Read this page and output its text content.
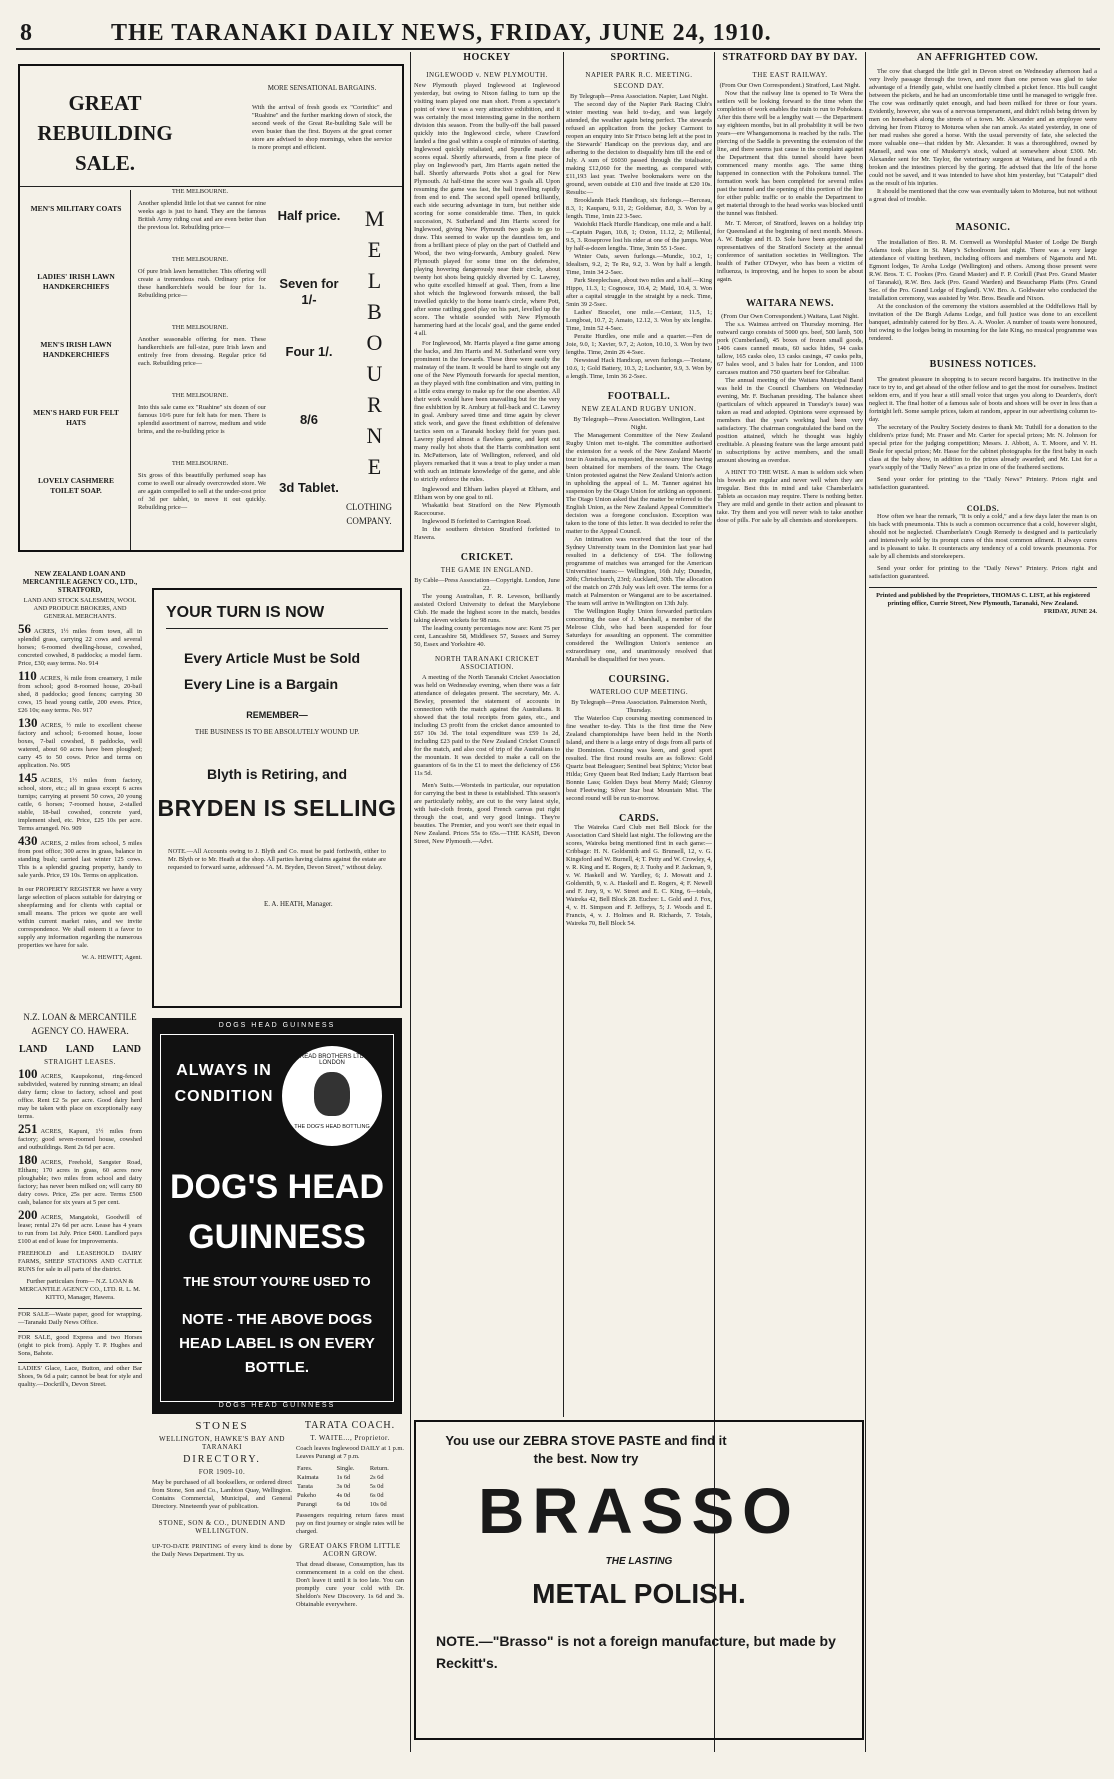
8	THE TARANAKI DAILY NEWS, FRIDAY, JUNE 24, 1910.
HOCKEY	SPORTING.	STRATFORD DAY BY DAY.	AN AFFRIGHTED COW.
GREAT REBUILDING SALE.
MORE SENSATIONAL BARGAINS.
With the arrival of fresh goods ex "Corinthic" and "Ruahine" and the further marking down of stock, the second week of the Great Re-building Sale will be even busier than the first. Buyers at the great corner store are advised to shop mornings, when the service is more prompt and efficient.
MELBOURNE
CLOTHING COMPANY.
MEN'S MILITARY COATS
THE MELBOURNE.
Another splendid little lot that we cannot for nine weeks ago is just to hand. They are the famous British Army riding coat and are even better than the previous lot. Rebuilding price—
Half price.
LADIES' IRISH LAWN HANDKERCHIEFS
THE MELBOURNE.
Of pure Irish lawn hemstitcher. This offering will create a tremendous rush. Ordinary price for these handkerchiefs would be four for 1s. Rebuilding price—
Seven for 1/-
MEN'S IRISH LAWN HANDKERCHIEFS
THE MELBOURNE.
Another seasonable offering for men. These handkerchiefs are full-size, pure Irish lawn and entirely free from dressing. Regular price 6d each. Rebuilding price—
Four 1/.
MEN'S HARD FUR FELT HATS
THE MELBOURNE.
Into this sale came ex "Ruahine" six dozen of our famous 10/6 pure fur felt hats for men. There is splendid assortment of narrow, medium and wide brims, and the re-building price is
8/6
LOVELY CASHMERE TOILET SOAP.
THE MELBOURNE.
Six gross of this beautifully perfumed soap has come to swell our already overcrowded store. We are again compelled to sell at the under-cost price of 3d per tablet, to move it out quickly. Rebuilding price—
3d Tablet.
NEW ZEALAND LOAN AND MERCANTILE AGENCY CO., LTD., STRATFORD,
LAND AND STOCK SALESMEN, WOOL AND PRODUCE BROKERS, AND GENERAL MERCHANTS.
56 ACRES, 1½ miles from town, all in splendid grass, carrying 22 cows and several horses; 6-roomed dwelling-house, cowshed, concreted cowshed, 8 paddocks; a model farm. Price, £30; easy terms. No. 914
110 ACRES, ¾ mile from creamery, 1 mile from school; good 8-roomed house, 20-bail shed, 8 paddocks; good fences; carrying 30 cows, 15 head young cattle, 200 ewes. Price, £26 10s; easy terms. No. 917
130 ACRES, ½ mile to excellent cheese factory and school; 6-roomed house, loose boxes, 7-bail cowshed, 8 paddocks, well watered, about 60 acres have been ploughed; carry 45 to 50 cows. Price and terms on application. No. 905
145 ACRES, 1½ miles from factory, school, store, etc.; all in grass except 6 acres turnips; carrying at present 50 cows, 20 young cattle, 6 horses; 7-roomed house, 2-stalled stable, 18-bail cowshed, concrete yard, implement shed, etc. Price, £25 10s per acre. Terms arranged. No. 909
430 ACRES, 2 miles from school, 5 miles from post office; 300 acres in grass, balance in standing bush; carried last winter 125 cows. This is a splendid grazing property, handy to sale yards. Price, £9 10s. Terms on application.
In our PROPERTY REGISTER we have a very large selection of places suitable for dairying or sheepfarming and for clients with capital or small means. The prices we quote are well within current market rates, and we invite correspondence. We shall esteem it a favor to supply any information regarding the numerous properties we have for sale.
W. A. HEWITT, Agent.
N.Z. LOAN & MERCANTILE AGENCY CO. HAWERA.
LAND LAND LAND
STRAIGHT LEASES.
100 ACRES, Kaupokonui, ring-fenced subdivided, watered by running stream; an ideal dairy farm; close to factory, school and post office. Rent £2 5s per acre. Good dairy herd may be taken with place on exceptionally easy terms.
251 ACRES, Kapuni, 1½ miles from factory; good seven-roomed house, cowshed and outbuildings. Rent 2s 6d per acre.
180 ACRES, Freehold, Sangster Road, Eltham; 170 acres in grass, 60 acres now ploughable; two miles from school and dairy factory; has never been milked on; will carry 80 dairy cows. Price, 25s per acre. Terms £500 cash, balance for six years at 5 per cent.
200 ACRES, Mangatoki, Goodwill of lease; rental 27s 6d per acre. Lease has 4 years to run from 1st July. Price £400. Landlord pays £100 at end of lease for improvements.
FREEHOLD and LEASEHOLD DAIRY FARMS, SHEEP STATIONS AND CATTLE RUNS for sale in all parts of the district.
Further particulars from— N.Z. LOAN & MERCANTILE AGENCY CO., LTD. R. L. M. KITTO, Manager, Hawera.
FOR SALE—Waste paper, good for wrapping.—Taranaki Daily News Office.
FOR SALE, good Express and two Horses (eight to pick from). Apply T. P. Hughes and Sons, Bahote.
LADIES' Glace, Lace, Button, and other Bar Shoes, 9s 6d a pair; cannot be beat for style and quality.—Dockrill's, Devon Street.
YOUR TURN IS NOW
Every Article Must be Sold
Every Line is a Bargain
REMEMBER—
THE BUSINESS IS TO BE ABSOLUTELY WOUND UP.
Blyth is Retiring, and
BRYDEN IS SELLING
NOTE.—All Accounts owing to J. Blyth and Co. must be paid forthwith, either to Mr. Blyth or to Mr. Heath at the shop. All parties having claims against the estate are requested to forward same, addressed "A. M. Bryden, Devon Street," without delay.
E. A. HEATH, Manager.
DOGS HEAD GUINNESS
ALWAYS IN CONDITION
READ BROTHERS LTD LONDON
THE DOG'S HEAD BOTTLING
DOG'S HEAD
GUINNESS
THE STOUT YOU'RE USED TO
NOTE - THE ABOVE DOGS HEAD LABEL IS ON EVERY BOTTLE.
DOGS HEAD GUINNESS
STONES
WELLINGTON, HAWKE'S BAY AND TARANAKI
DIRECTORY.
FOR 1909-10.
May be purchased of all booksellers, or ordered direct from Stone, Son and Co., Lambton Quay, Wellington. Contains Commercial, Municipal, and General Directory. Nineteenth year of publication.
STONE, SON & CO., DUNEDIN AND WELLINGTON.
UP-TO-DATE PRINTING of every kind is done by the Daily News Department. Try us.
TARATA COACH.
T. WAITE..., Proprietor.
Coach leaves Inglewood DAILY at 1 p.m. Leaves Purangi at 7 p.m.
Fares.	Single.	Return.
Kaimata	1s 6d	2s 6d
Tarata	3s 0d	5s 0d
Pukeho	4s 0d	6s 0d
Purangi	6s 0d	10s 0d
Passengers requiring return fares must pay on first journey or single rates will be charged.
GREAT OAKS FROM LITTLE ACORN GROW.
That dread disease, Consumption, has its commencement in a cold on the chest. Don't leave it until it is too late. You can promptly cure your cold with Dr. Sheldon's New Discovery. 1s 6d and 3s. Obtainable everywhere.
INGLEWOOD v. NEW PLYMOUTH.
New Plymouth played Inglewood at Inglewood yesterday, but owing to Nixon failing to turn up the visiting team played one man short. From a spectator's point of view it was a very attractive exhibition, and it was certainly the most interesting game in the northern division this season. From the bully-off the ball passed quickly into the Inglewood circle, where Crawford landed a fine goal within a couple of minutes of starting. Inglewood quickly retaliated, and Spurdle made the scores equal. Shortly afterwards, from a fine piece of play on Inglewood's part, Jim Harris again netted the ball. Shortly afterwards Potts shot a goal for New Plymouth. At half-time the score was 3 goals all. Upon resuming the game was fast, the ball travelling rapidly from end to end. The second spell opened brilliantly, each side securing advantage in turn, but neither side scoring for some considerable time. Then, in quick succession, N. Sutherland and Jim Harris scored for Inglewood, giving New Plymouth two goals to go to draw. This seemed to wake up the dauntless ten, and from a brilliant piece of play on the part of Oatfield and Wood, the two wing-forwards, Ambury goaled. New Plymouth played for some time on the defensive, playing hovering dangerously near their circle, about twenty hot shots being quickly diverted by C. Lawrey, who quite excelled himself at goal. Then, from a line shot which the Inglewood forwards missed, the ball travelled quickly to the home team's circle, where Pott, after some rattling good play on his part, levelled up the score. The whistle sounded with New Plymouth hammering hard at the locals' goal, and the game ended 4 all.
For Inglewood, Mr. Harris played a fine game among the backs, and Jim Harris and M. Sutherland were very prominent in the forwards. These three were easily the mainstay of the team. It would be hard to single out any one of the New Plymouth forwards for special mention, as they played with fine combination and vim, putting in a little extra energy to make up for the one absentee. All their work would have been unavailing but for the very fine exhibition by R. Ambury at full-back and C. Lawrey in goal. Ambury saved time and time again by clever stick work, and gave the finest exhibition of defensive tactics seen on a Taranaki hockey field for years past. Lawrey played almost a flawless game, and kept out many really hot shots that the Harris combination sent in. McPatterson, late of Wellington, refereed, and old players remarked that it was a treat to play under a man with such an intimate knowledge of the game, and able to strictly enforce the rules.
Inglewood and Eltham ladies played at Eltham, and Eltham won by one goal to nil.
Whakatiki beat Stratford on the New Plymouth Racecourse.
Inglewood B forfeited to Carrington Road.
In the southern division Stratford forfeited to Hawera.
CRICKET.
THE GAME IN ENGLAND.
By Cable—Press Association—Copyright. London, June 22.
The young Australian, F. R. Leveson, brilliantly assisted Oxford University to defeat the Marylebone Club. He made the highest score in the match, besides taking eleven wickets for 98 runs.
The leading county percentages now are: Kent 75 per cent, Lancashire 58, Middlesex 57, Sussex and Surrey 50, Essex and Yorkshire 40.
NORTH TARANAKI CRICKET ASSOCIATION.
A meeting of the North Taranaki Cricket Association was held on Wednesday evening, when there was a fair attendance of delegates present. The secretary, Mr. A. Bewley, presented the statement of accounts in connection with the match against the Australians. It showed that the total receipts from gates, etc., and including £3 profit from the cricket dance amounted to £67 10s 3d. The total expenditure was £59 1s 2d, including £23 paid to the New Zealand Cricket Council for the match, and also cost of trip of the Australians to the mountain. It was decided to make a call on the guarantors of 6s in the £1 to meet the deficiency of £56 11s 5d.
Men's Suits.—Worsteds in particular, our reputation for carrying the best in these is established. This season's are particularly nobby, are cut to the very latest style, with hair-cloth fronts, good French canvas put right through the coat, and very good linings. They're beauties. The Premier, and you won't see their equal in New Zealand. Prices 55s to 65s.—THE KASH, Devon Street, New Plymouth.—Advt.
NAPIER PARK R.C. MEETING.
SECOND DAY.
By Telegraph—Press Association. Napier, Last Night.
The second day of the Napier Park Racing Club's winter meeting was held to-day, and was largely attended, the weather again being perfect. The stewards refused an application from the jockey Carmont to reopen an enquiry into Sir Frisco being left at the post in the Stewards' Handicap on the previous day, and are adhering to the decision to disqualify him till the end of July. A sum of £6030 passed through the totalisator, making £12,060 for the meeting, as compared with £11,193 last year. Twelve bookmakers were on the ground, seven outside at £10 and five inside at £20 10s. Results:—
Brooklands Hack Handicap, six furlongs.—Berceau, 8.3, 1; Kauparu, 9.11, 2; Goldsmar, 8.0, 3. Won by a length. Time, 1min 22 3-5sec.
Waiohiki Hack Hurdle Handicap, one mile and a half.—Captain Pagan, 10.8, 1; Oxton, 11.12, 2; Millenial, 9.5, 3. Roseprove lost his rider at one of the jumps. Won by half-a-dozen lengths. Time, 3min 55 1-5sec.
Winter Oats, seven furlongs.—Mundic, 10.2, 1; Idealism, 9.2, 2; Te Ru, 9.2, 3. Won by half a length. Time, 1min 34 2-5sec.
Park Steeplechase, about two miles and a half.—King Hippo, 11.3, 1; Cognosce, 10.4, 2; Maid, 10.4, 3. Won after a capital struggle in the straight by a neck. Time, 5min 39 2-5sec.
Ladies' Bracelet, one mile.—Centaur, 11.5, 1; Longboat, 10.7, 2; Amato, 12.12, 3. Won by six lengths. Time, 1min 52 4-5sec.
Peraite Hurdles, one mile and a quarter.—Fen de Joie, 9.0, 1; Xavier, 9.7, 2; Aoton, 10.10, 3. Won by two lengths. Time, 2min 26 4-5sec.
Newstead Hack Handicap, seven furlongs.—Teotane, 10.6, 1; Gold Battery, 10.3, 2; Lochanter, 9.9, 3. Won by a length. Time, 1min 36 2-5sec.
FOOTBALL.
NEW ZEALAND RUGBY UNION.
By Telegraph—Press Association. Wellington, Last Night.
The Management Committee of the New Zealand Rugby Union met to-night. The committee authorised the extension for a week of the New Zealand Maoris' tour in Australia, as requested, the necessary time having been obtained for members of the team. The Otago Union protested against the New Zealand Union's action in upholding the appeal of L. M. Tanner against his suspension by the Otago Union for striking an opponent. The Otago Union asked that the matter be referred to the English Union, as the New Zealand Appeal Committee's decision was a foregone conclusion. Exception was taken to the tone of this letter. It was decided to refer the matter to the Appeal Council.
An intimation was received that the tour of the Sydney University team in the Dominion last year had resulted in a deficiency of £64. The following programme of matches was arranged for the American Universities' teams:— Wellington, 16th July; Dunedin, 20th; Christchurch, 23rd; Auckland, 30th. The allocation of the match on 27th July was left over. The terms for a match at Palmerston or Wanganui are to be ascertained. The team will arrive in Wellington on 13th July.
The Wellington Rugby Union forwarded particulars concerning the case of J. Marshall, a member of the Melrose Club, who had been suspended for four Saturdays for assaulting an opponent. The committee considered the Wellington Union's sentence an extraordinary one, and unanimously resolved that Marshall be disqualified for two years.
COURSING.
WATERLOO CUP MEETING.
By Telegraph—Press Association. Palmerston North, Thursday.
The Waterloo Cup coursing meeting commenced in fine weather to-day. This is the first time the New Zealand championships have been held in the North Island, and there is a large entry of dogs from all parts of the Dominion. Coursing was keen, and good sport resulted. The first round results are as follows: Gold Quartz beat Beleaguer; Sentinel beat Sphinx; Victor beat Hilda; Grey Queen beat Red Indian; Lady Harrison beat Bonnie Lass; Golden Days beat Merry Maid; Glenroy beat Fleetwing; Silver Star beat Mountain Mist. The second round will be run to-morrow.
CARDS.
The Waireka Card Club met Bell Block for the Association Card Shield last night. The following are the scores, Waireka being mentioned first in each game:—Cribbage: H. N. Goldsmith and G. Brunsell, 12, v. G. Kingsford and W. Burnell, 4; T. Petty and W. Crowley, 4, v. R. King and E. Rogers, 8; J. Tuohy and P. Jackman, 9, v. W. Haskell and W. Yardley, 6; J. Mowatt and J. Goldsmith, 9, v. A. Haskell and E. Rogers, 4; F. Newell and F. Jury, 9, v. W. Street and E. C. King, 6—totals, Waireka 42, Bell Block 28. Euchre: L. Gold and J. Fox, 4, v. H. Simpson and F. Jeffreys, 5; J. Woods and E. Francis, 4, v. J. Holmes and R. Richards, 7. Totals, Waireka 70, Bell Block 54.
THE EAST RAILWAY.
(From Our Own Correspondent.) Stratford, Last Night.
Now that the railway line is opened to Te Wera the settlers will be looking forward to the time when the completion of work enables the train to run to Pohokura. After this there will be a lengthy wait — the Department say eighteen months, but in all probability it will be two years—ere Whangamomona is reached by the rails. The piercing of the Saddle is preventing the extension of the line, and there seems just cause in the complaint against the Department that this tunnel should have been commenced many months ago. The same thing happened in connection with the Pohokura tunnel. The formation work has been completed for several miles past the tunnel and the opening of this portion of the line for either public traffic or to enable the Department to get material through to the head works was blocked until the tunnel was finished.
Mr. T. Mercer, of Stratford, leaves on a holiday trip for Queensland at the beginning of next month. Messrs. A. W. Budge and H. D. Sole have been appointed the representatives of the Stratford Society at the annual conference of sanitation societies in Wellington. The health of Father O'Dwyer, who has been a victim of influenza, is improving, and he hopes to soon be about again.
WAITARA NEWS.
(From Our Own Correspondent.) Waitara, Last Night.
The s.s. Waimea arrived on Thursday morning. Her outward cargo consists of 5000 qrs. beef, 500 lamb, 500 pork (Cumberland), 45 boxes of frozen small goods, 1406 cases canned meats, 60 sacks hides, 94 casks tallow, 165 casks oleo, 13 casks casings, 47 casks pelts, 67 bales wool, and 3 bales hair for London, and 1100 carcases mutton and 750 quarters beef for Gibraltar.
The annual meeting of the Waitara Municipal Band was held in the Council Chambers on Wednesday evening, Mr. F. Buchanan presiding. The balance sheet (particulars of which appeared in Tuesday's issue) was taken as read and adopted. Opinions were expressed by members that the year's working had been very satisfactory. The chairman congratulated the band on the position attained, which he thought was highly creditable. A pleasing feature was the large amount paid in subscriptions by active members, and the small amount showing as overdue.
A HINT TO THE WISE. A man is seldom sick when his bowels are regular and never well when they are irregular. Best this in mind and take Chamberlain's Tablets as occasion may require. There is nothing better. They are mild and gentle in their action and pleasant to take. Try them and you will never wish to take another dose of pills. For sale by all chemists and storekeepers.
You use our ZEBRA STOVE PASTE and find it the best. Now try
BRASSO
THE LASTING
METAL POLISH.
NOTE.—"Brasso" is not a foreign manufacture, but made by Reckitt's.
The cow that charged the little girl in Devon street on Wednesday afternoon had a very lively passage through the town, and more than one person was glad to take advantage of a friendly gate, whilst one hastily climbed a picket fence. His bull caught between the pickets, and he had an uncomfortable time until he managed to wriggle free. The cow was ordinarily quiet enough, and had been milked for three or four years. Evidently, however, she was of a nervous temperament, and didn't relish being driven by men on horseback along the streets of a town. Mr. Alexander and an employee were driving her from Fitzroy to Moturoa when she ran amok. As stated yesterday, in one of her mad rushes she gored a horse. With the usual perversity of fate, she selected the more valuable one—that ridden by Mr. Alexander. It was a thoroughbred, owned by Mansell, and was one of Muskerry's stock, valued at somewhere about £300. Mr. Alexander sent for Mr. Taylor, the veterinary surgeon at Waitara, and he found a rib broken and the intestines pierced by the goring. He advised that the life of the horse could not be saved, and it was intended to have shot him yesterday, but "Catapult" died as the result of his injuries.
It should be mentioned that the cow was eventually taken to Moturoa, but not without a great deal of trouble.
MASONIC.
The installation of Bro. R. M. Cornwell as Worshipful Master of Lodge De Burgh Adams took place in St. Mary's Schoolroom last night. There was a very large attendance of visiting brethren, including officers and members of Ngamotu and Mt. Egmont lodges, Te Aroha Lodge (Wellington) and others. Among those present were R.W. Bros. T. C. Fookes (Pro. Grand Master) and F. P. Corkill (Past Pro. Grand Master of Taranaki), R.W. Bro. Jack (Pro. Grand Warden) and Beauchamp Platts (Pro. Grand Sec. of the Pro. Grand Lodge of England). V.W. Bro. A. Goldwater who conducted the installation ceremony, was assisted by Wor. Bros. Beadle and Nixon.
At the conclusion of the ceremony the visitors assembled at the Oddfellows Hall by invitation of the De Burgh Adams Lodge, and full justice was done to an excellent banquet, admirably catered for by Bro. A. A. Wooler. A number of toasts were honoured, but owing to the lodges being in mourning for the late King, no musical programme was rendered.
BUSINESS NOTICES.
The greatest pleasure in shopping is to secure record bargains. It's instinctive in the race to try to, and get ahead of the other fellow and to get the most for ourselves. Instinct seldom errs, and if you hear a still small voice that urges you along to Dearden's, don't neglect it. The final hotter of a famous sale of boots and shoes will be over in less than a fortnight left. Some sample prices, taken at random, appear in our advertising column to-day.
The secretary of the Poultry Society desires to thank Mr. Tuthill for a donation to the children's prize fund; Mr. Fraser and Mr. Carter for special prizes; Mr. N. Johnson for special prize for the judging competition; Messrs. J. Abbott, A. T. Moore, and V. H. Beale for special prizes; Mr. Hasse for the cabinet photographs for the first baby in each class at the baby show, in addition to the prizes already awarded; and Mr. List for a year's supply of the "Daily News" as a prize in one of the feathered sections.
Send your order for printing to the "Daily News" Printery. Prices right and satisfaction guaranteed.
COLDS.
How often we hear the remark, "It is only a cold," and a few days later the man is on his back with pneumonia. This is such a common occurrence that a cold, however slight, should not be neglected. Chamberlain's Cough Remedy is designed and is particularly and intensively sold by its prompt cures of this most common ailment. It always cures and is pleasant to take. It counteracts any tendency of a cold towards pneumonia. For sale by all chemists and storekeepers.
Send your order for printing to the "Daily News" Printery. Prices right and satisfaction guaranteed.
Printed and published by the Proprietors, THOMAS C. LIST, at his registered printing office, Currie Street, New Plymouth, Taranaki, New Zealand.
FRIDAY, JUNE 24.
